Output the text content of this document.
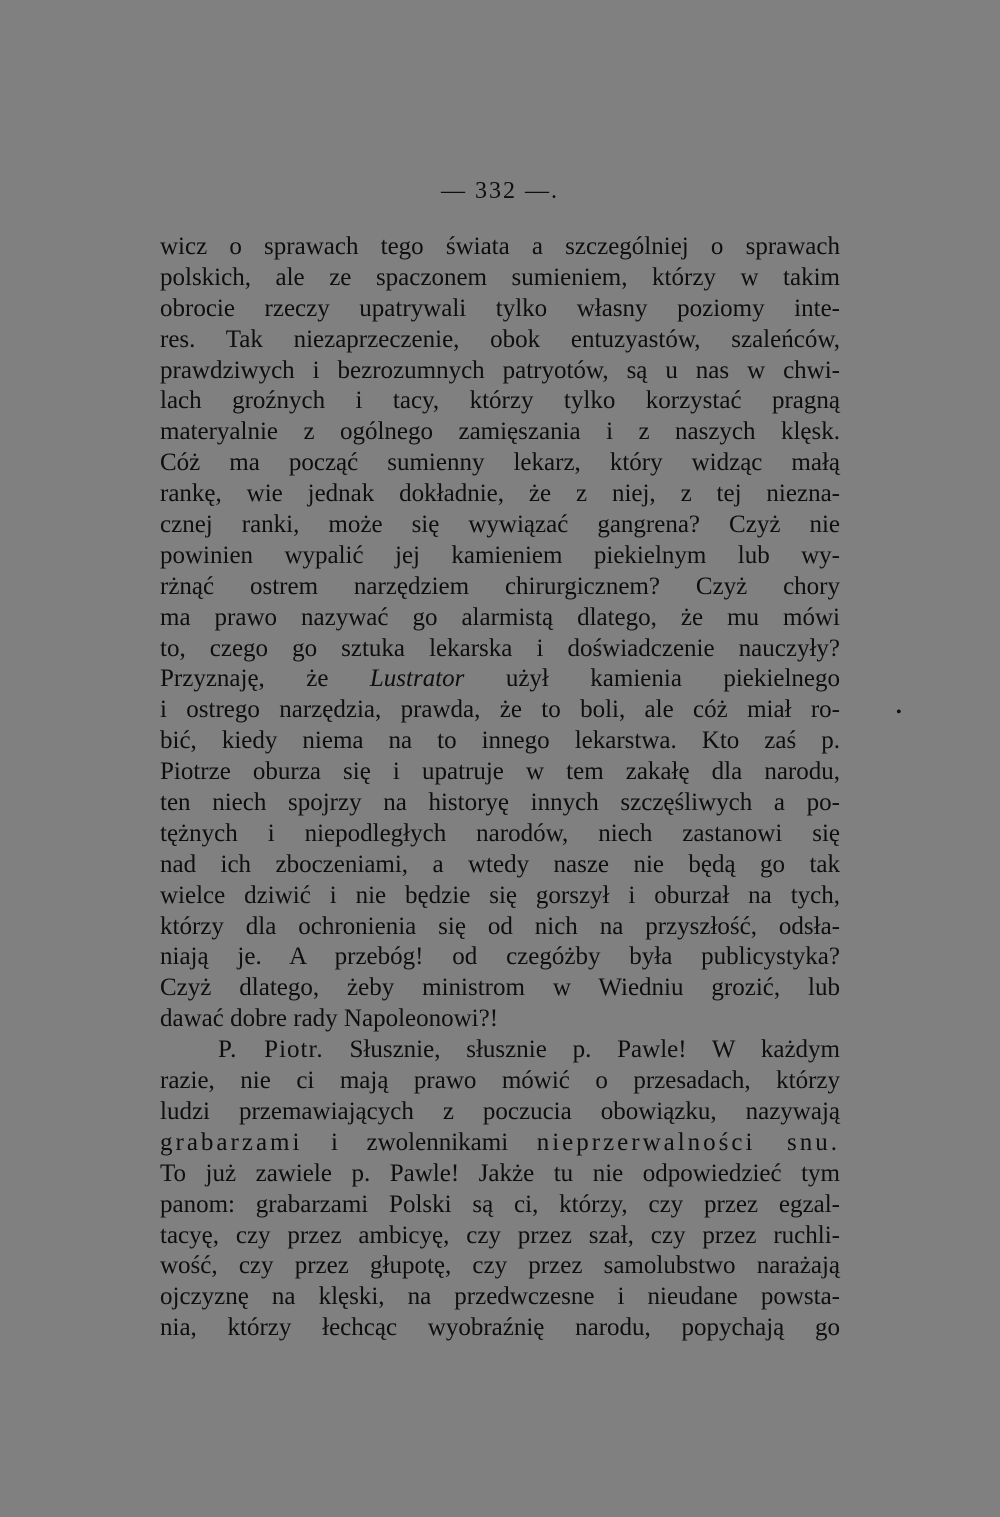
— 332 —.
•
wicz o sprawach tego świata a szczególniej o sprawach
polskich, ale ze spaczonem sumieniem, którzy w takim
obrocie rzeczy upatrywali tylko własny poziomy inte-
res. Tak niezaprzeczenie, obok entuzyastów, szaleńców,
prawdziwych i bezrozumnych patryotów, są u nas w chwi-
lach groźnych i tacy, którzy tylko korzystać pragną
materyalnie z ogólnego zamięszania i z naszych klęsk.
Cóż ma począć sumienny lekarz, który widząc małą
rankę, wie jednak dokładnie, że z niej, z tej niezna-
cznej ranki, może się wywiązać gangrena? Czyż nie
powinien wypalić jej kamieniem piekielnym lub wy-
rżnąć ostrem narzędziem chirurgicznem? Czyż chory
ma prawo nazywać go alarmistą dlatego, że mu mówi
to, czego go sztuka lekarska i doświadczenie nauczyły?
Przyznaję, że Lustrator użył kamienia piekielnego
i ostrego narzędzia, prawda, że to boli, ale cóż miał ro-
bić, kiedy niema na to innego lekarstwa. Kto zaś p.
Piotrze oburza się i upatruje w tem zakałę dla narodu,
ten niech spojrzy na historyę innych szczęśliwych a po-
tężnych i niepodległych narodów, niech zastanowi się
nad ich zboczeniami, a wtedy nasze nie będą go tak
wielce dziwić i nie będzie się gorszył i oburzał na tych,
którzy dla ochronienia się od nich na przyszłość, odsła-
niają je. A przebóg! od czegóżby była publicystyka?
Czyż dlatego, żeby ministrom w Wiedniu grozić, lub
dawać dobre rady Napoleonowi?!
P. Piotr. Słusznie, słusznie p. Pawle! W każdym
razie, nie ci mają prawo mówić o przesadach, którzy
ludzi przemawiających z poczucia obowiązku, nazywają
grabarzami i zwolennikami nieprzerwalności snu.
To już zawiele p. Pawle! Jakże tu nie odpowiedzieć tym
panom: grabarzami Polski są ci, którzy, czy przez egzal-
tacyę, czy przez ambicyę, czy przez szał, czy przez ruchli-
wość, czy przez głupotę, czy przez samolubstwo narażają
ojczyznę na klęski, na przedwczesne i nieudane powsta-
nia, którzy łechcąc wyobraźnię narodu, popychają go
